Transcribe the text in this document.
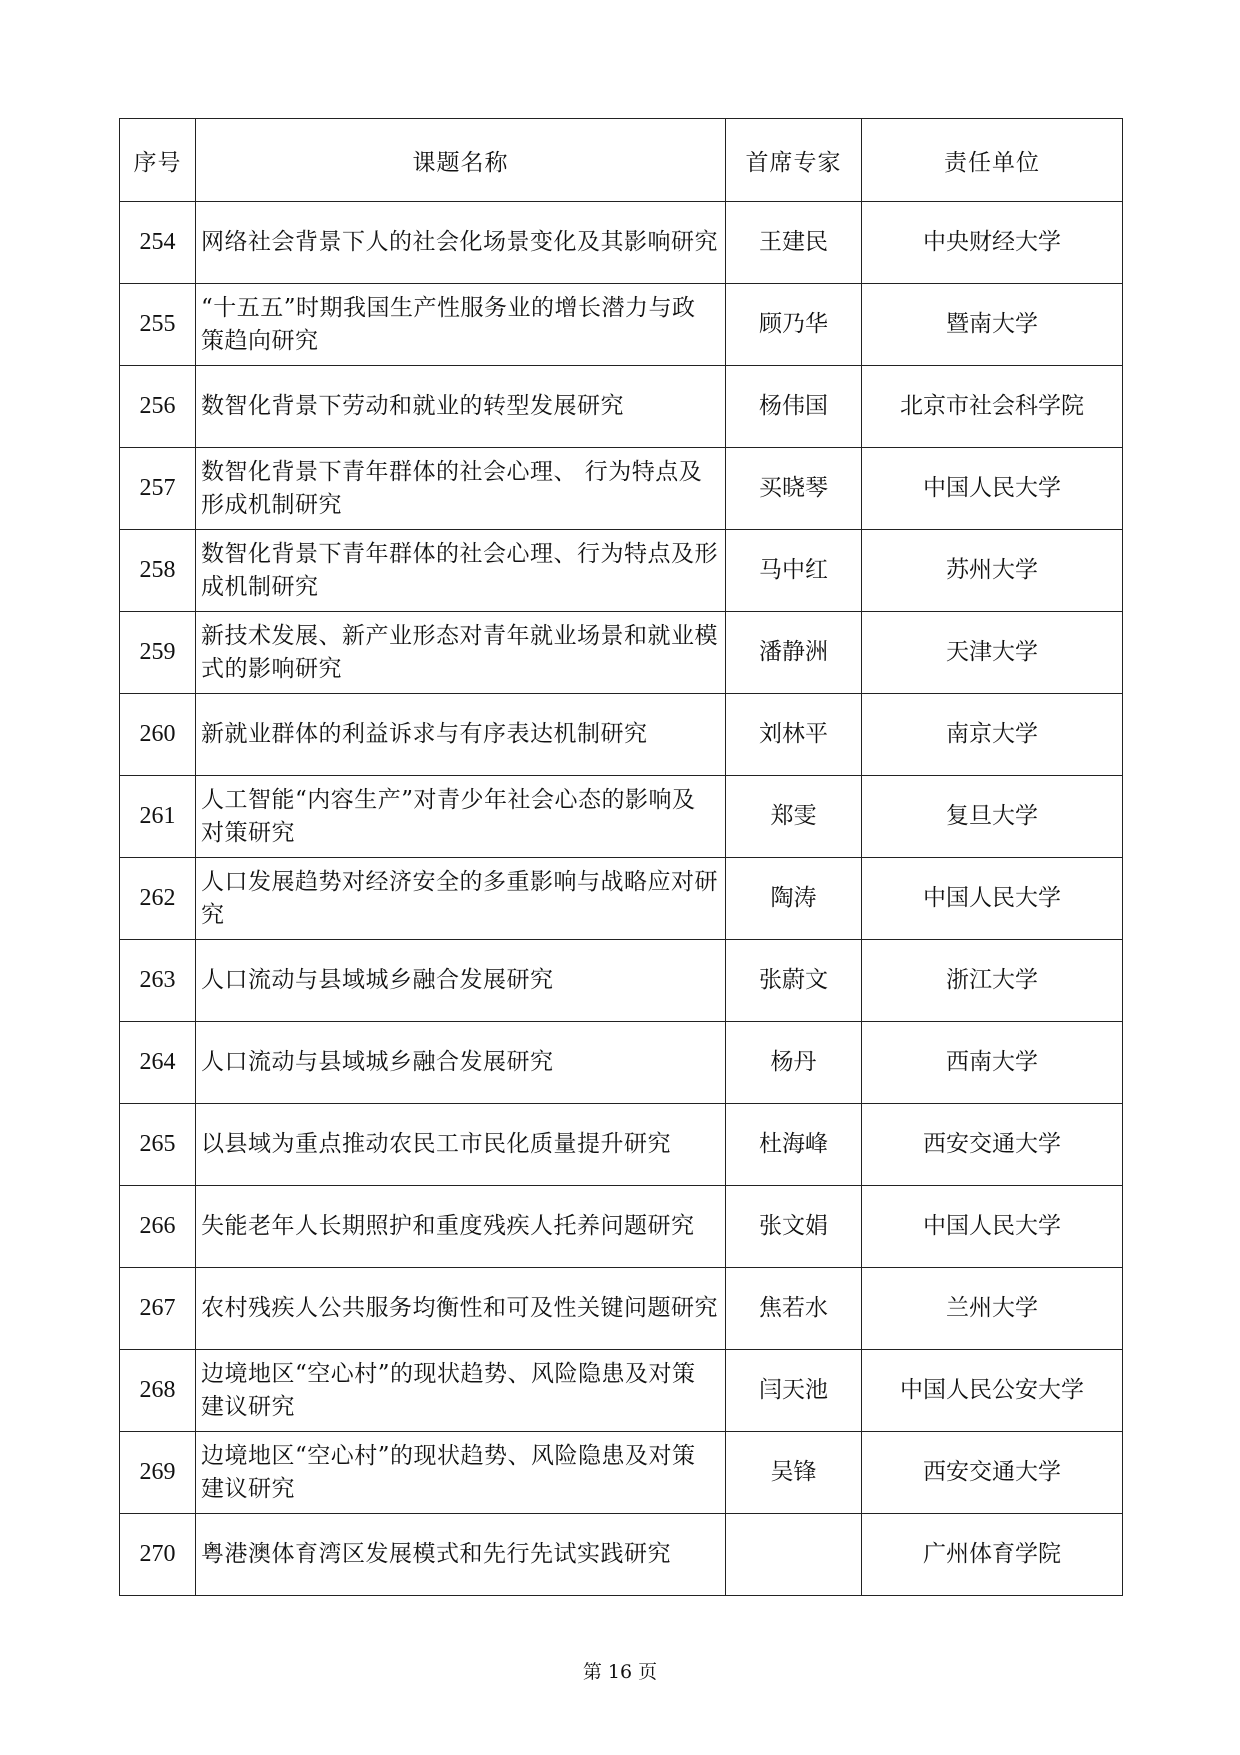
序号	课题名称	首席专家	责任单位
254	网络社会背景下人的社会化场景变化及其影响研究	王建民	中央财经大学
255	“十五五”时期我国生产性服务业的增长潜力与政策趋向研究	顾乃华	暨南大学
256	数智化背景下劳动和就业的转型发展研究	杨伟国	北京市社会科学院
257	数智化背景下青年群体的社会心理、 行为特点及形成机制研究	买晓琴	中国人民大学
258	数智化背景下青年群体的社会心理、行为特点及形成机制研究	马中红	苏州大学
259	新技术发展、新产业形态对青年就业场景和就业模式的影响研究	潘静洲	天津大学
260	新就业群体的利益诉求与有序表达机制研究	刘林平	南京大学
261	人工智能“内容生产”对青少年社会心态的影响及对策研究	郑雯	复旦大学
262	人口发展趋势对经济安全的多重影响与战略应对研究	陶涛	中国人民大学
263	人口流动与县域城乡融合发展研究	张蔚文	浙江大学
264	人口流动与县域城乡融合发展研究	杨丹	西南大学
265	以县域为重点推动农民工市民化质量提升研究	杜海峰	西安交通大学
266	失能老年人长期照护和重度残疾人托养问题研究	张文娟	中国人民大学
267	农村残疾人公共服务均衡性和可及性关键问题研究	焦若水	兰州大学
268	边境地区“空心村”的现状趋势、风险隐患及对策建议研究	闫天池	中国人民公安大学
269	边境地区“空心村”的现状趋势、风险隐患及对策建议研究	吴锋	西安交通大学
270	粤港澳体育湾区发展模式和先行先试实践研究		广州体育学院
第 16 页
